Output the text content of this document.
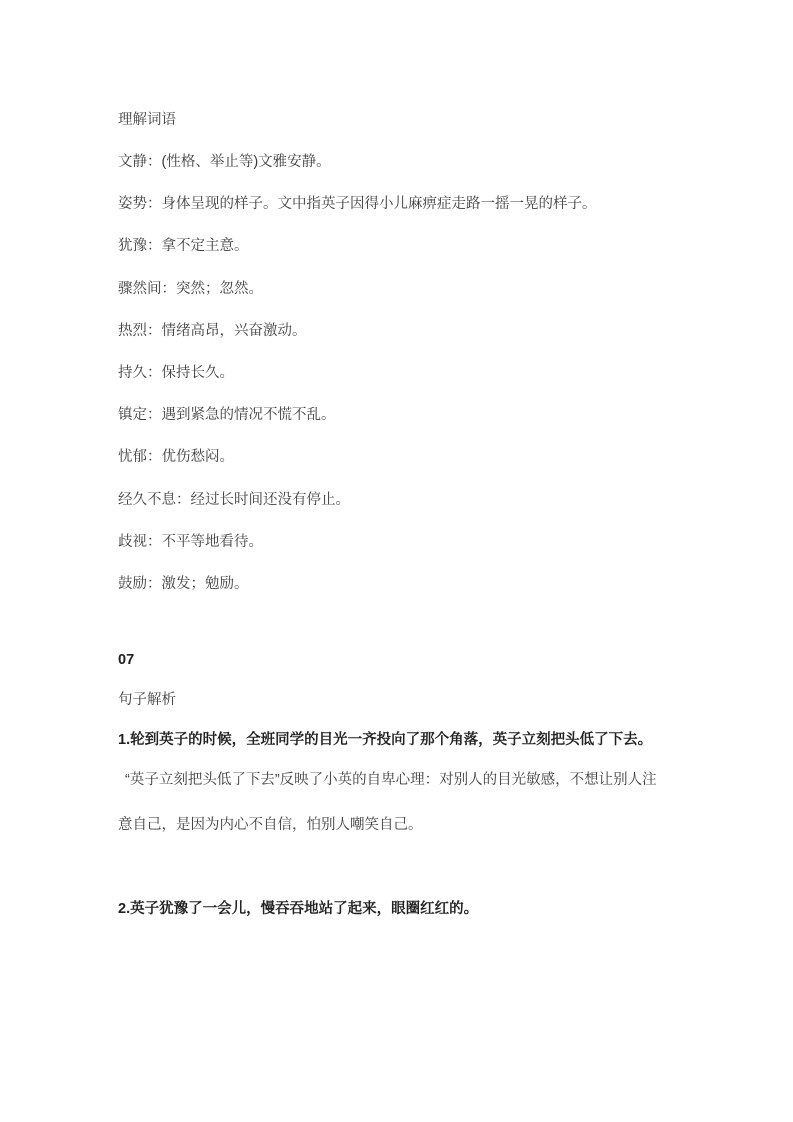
理解词语
文静：(性格、举止等)文雅安静。
姿势：身体呈现的样子。文中指英子因得小儿麻痹症走路一摇一晃的样子。
犹豫：拿不定主意。
骤然间：突然；忽然。
热烈：情绪高昂，兴奋激动。
持久：保持长久。
镇定：遇到紧急的情况不慌不乱。
忧郁：优伤愁闷。
经久不息：经过长时间还没有停止。
歧视：不平等地看待。
鼓励：激发；勉励。
07
句子解析
1.轮到英子的时候，全班同学的目光一齐投向了那个角落，英子立刻把头低了下去。
“英子立刻把头低了下去”反映了小英的自卑心理：对别人的目光敏感，不想让别人注
意自己，是因为内心不自信，怕别人嘲笑自己。
2.英子犹豫了一会儿，慢吞吞地站了起来，眼圈红红的。
